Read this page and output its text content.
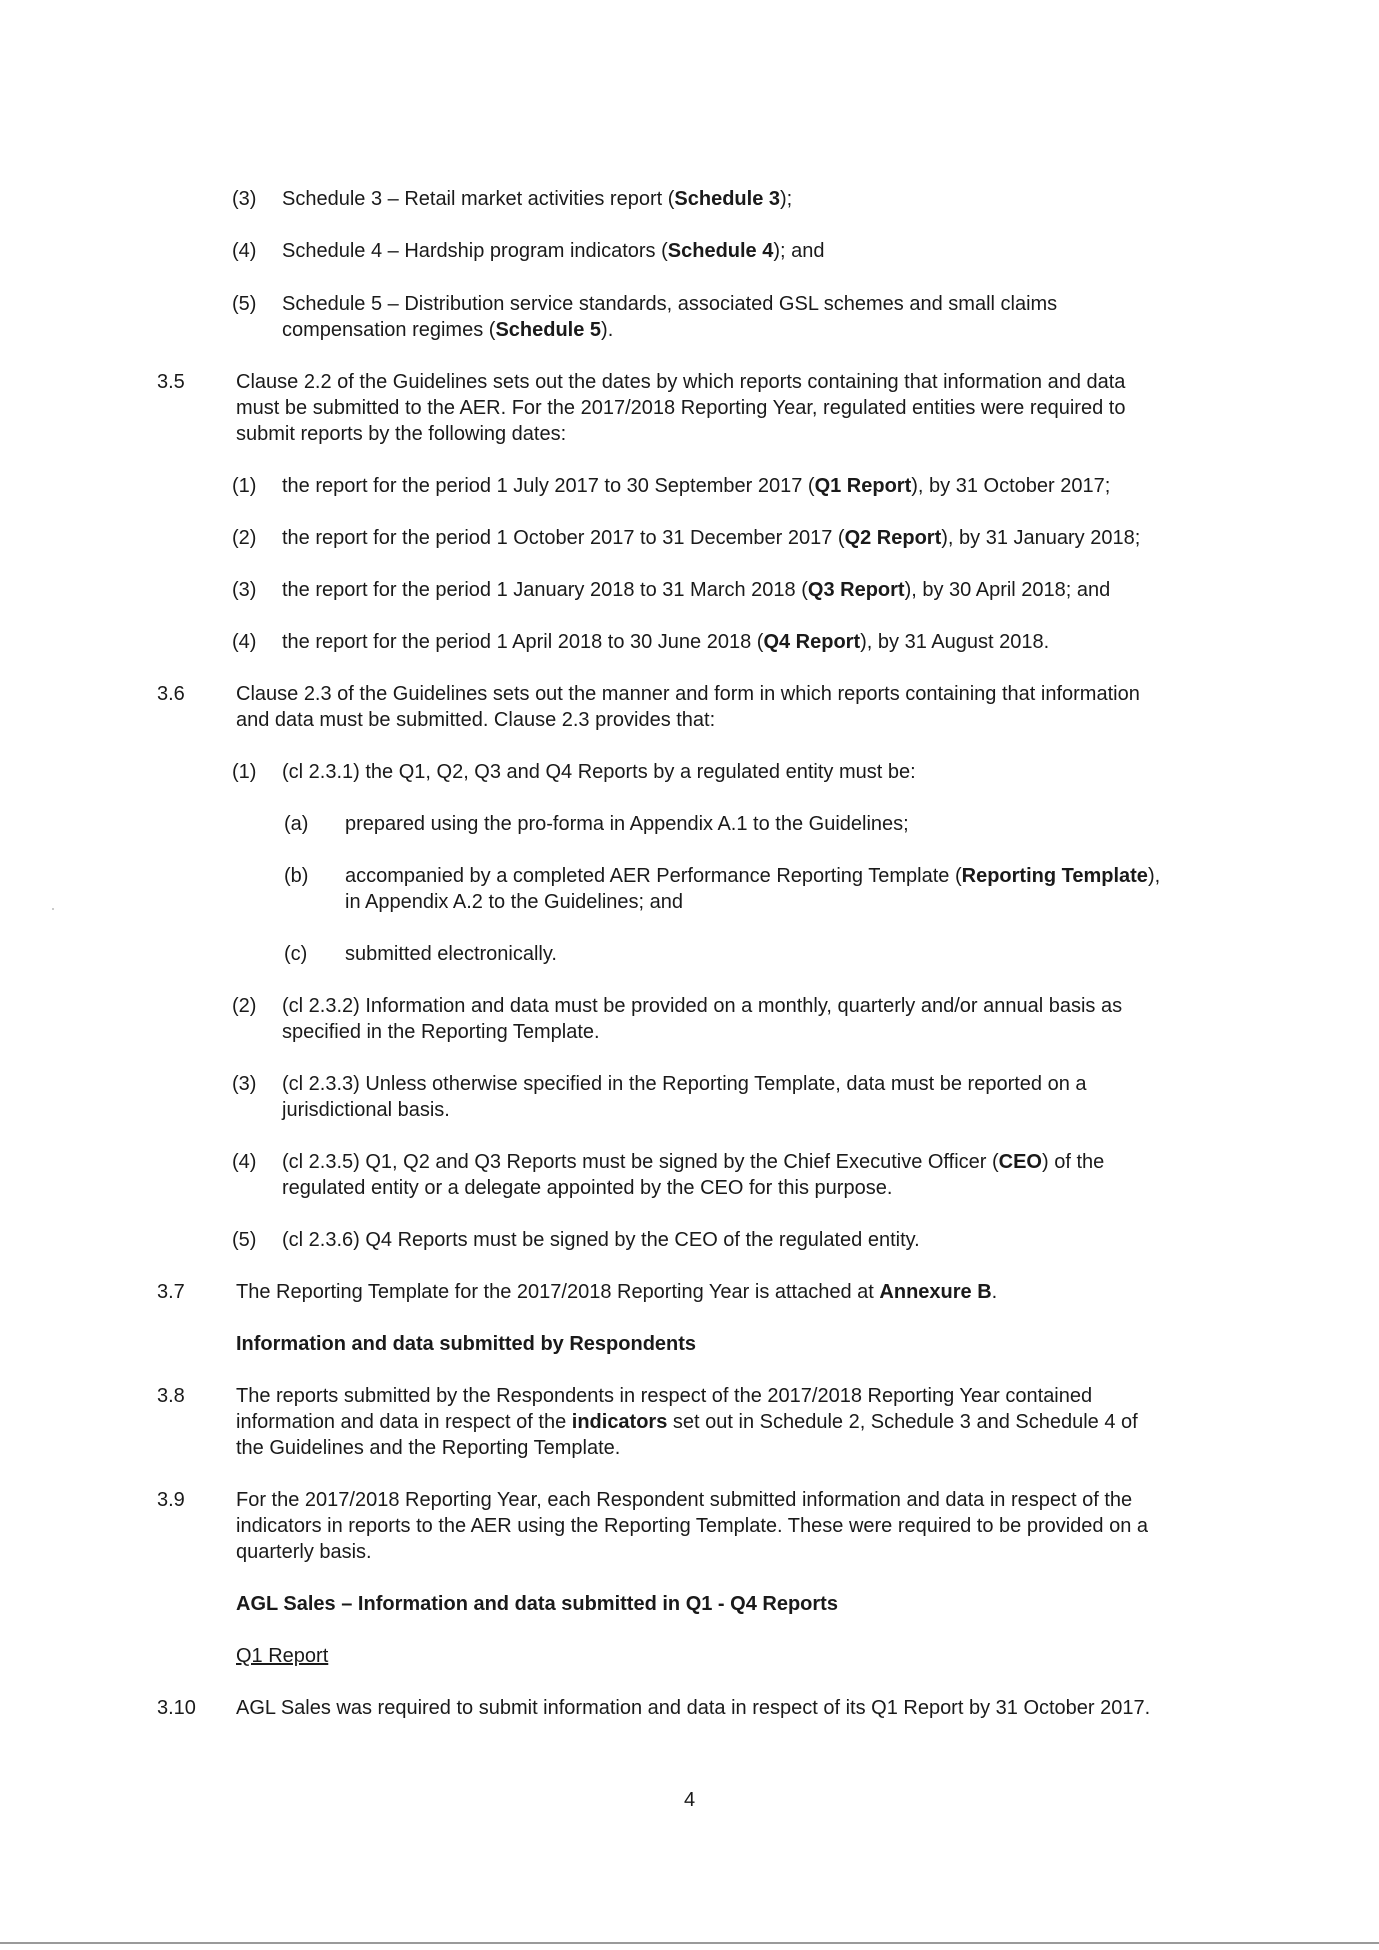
(3) Schedule 3 – Retail market activities report (Schedule 3);
(4) Schedule 4 – Hardship program indicators (Schedule 4); and
(5) Schedule 5 – Distribution service standards, associated GSL schemes and small claims
compensation regimes (Schedule 5).
3.5	Clause 2.2 of the Guidelines sets out the dates by which reports containing that information and data
must be submitted to the AER. For the 2017/2018 Reporting Year, regulated entities were required to
submit reports by the following dates:
(1) the report for the period 1 July 2017 to 30 September 2017 (Q1 Report), by 31 October 2017;
(2) the report for the period 1 October 2017 to 31 December 2017 (Q2 Report), by 31 January 2018;
(3) the report for the period 1 January 2018 to 31 March 2018 (Q3 Report), by 30 April 2018; and
(4) the report for the period 1 April 2018 to 30 June 2018 (Q4 Report), by 31 August 2018.
3.6	Clause 2.3 of the Guidelines sets out the manner and form in which reports containing that information
and data must be submitted. Clause 2.3 provides that:
(1) (cl 2.3.1) the Q1, Q2, Q3 and Q4 Reports by a regulated entity must be:
(a) prepared using the pro-forma in Appendix A.1 to the Guidelines;
(b) accompanied by a completed AER Performance Reporting Template (Reporting Template),
in Appendix A.2 to the Guidelines; and
(c) submitted electronically.
(2) (cl 2.3.2) Information and data must be provided on a monthly, quarterly and/or annual basis as
specified in the Reporting Template.
(3) (cl 2.3.3) Unless otherwise specified in the Reporting Template, data must be reported on a
jurisdictional basis.
(4) (cl 2.3.5) Q1, Q2 and Q3 Reports must be signed by the Chief Executive Officer (CEO) of the
regulated entity or a delegate appointed by the CEO for this purpose.
(5) (cl 2.3.6) Q4 Reports must be signed by the CEO of the regulated entity.
3.7	The Reporting Template for the 2017/2018 Reporting Year is attached at Annexure B.
Information and data submitted by Respondents
3.8	The reports submitted by the Respondents in respect of the 2017/2018 Reporting Year contained
information and data in respect of the indicators set out in Schedule 2, Schedule 3 and Schedule 4 of
the Guidelines and the Reporting Template.
3.9	For the 2017/2018 Reporting Year, each Respondent submitted information and data in respect of the
indicators in reports to the AER using the Reporting Template. These were required to be provided on a
quarterly basis.
AGL Sales – Information and data submitted in Q1 - Q4 Reports
Q1 Report
3.10 AGL Sales was required to submit information and data in respect of its Q1 Report by 31 October 2017.
4
